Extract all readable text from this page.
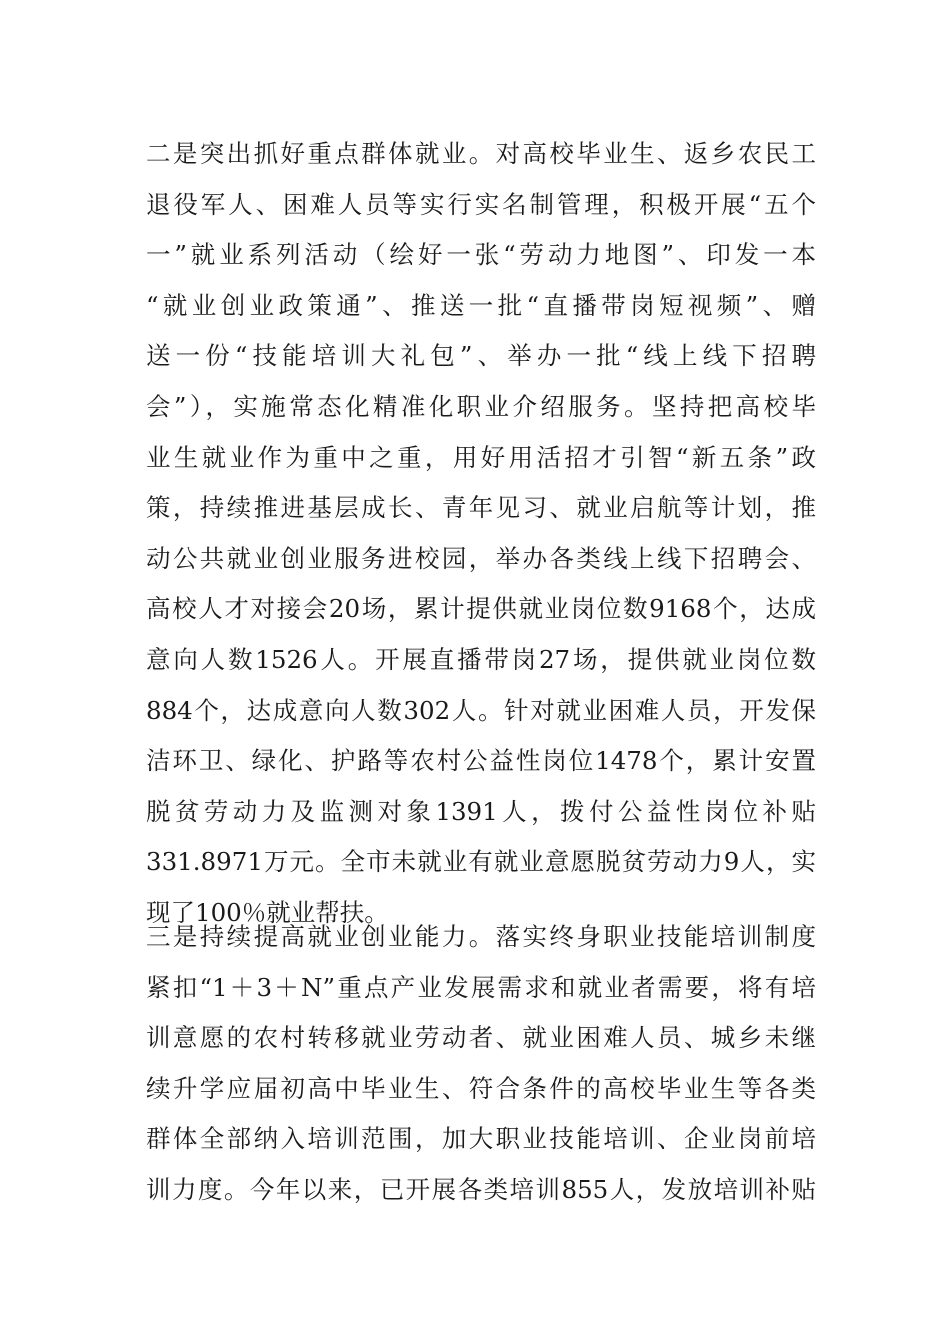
二是突出抓好重点群体就业。对高校毕业生、返乡农民工
退役军人、困难人员等实行实名制管理，积极开展“五个
一”就业系列活动（绘好一张“劳动力地图”、印发一本
“就业创业政策通”、推送一批“直播带岗短视频”、赠
送一份“技能培训大礼包”、举办一批“线上线下招聘
会”），实施常态化精准化职业介绍服务。坚持把高校毕
业生就业作为重中之重，用好用活招才引智“新五条”政
策，持续推进基层成长、青年见习、就业启航等计划，推
动公共就业创业服务进校园，举办各类线上线下招聘会、
高校人才对接会20场，累计提供就业岗位数9168个，达成
意向人数1526人。开展直播带岗27场，提供就业岗位数
884个，达成意向人数302人。针对就业困难人员，开发保
洁环卫、绿化、护路等农村公益性岗位1478个，累计安置
脱贫劳动力及监测对象1391人，拨付公益性岗位补贴
331.8971万元。全市未就业有就业意愿脱贫劳动力9人，实
现了100％就业帮扶。
三是持续提高就业创业能力。落实终身职业技能培训制度
紧扣“1＋3＋N”重点产业发展需求和就业者需要，将有培
训意愿的农村转移就业劳动者、就业困难人员、城乡未继
续升学应届初高中毕业生、符合条件的高校毕业生等各类
群体全部纳入培训范围，加大职业技能培训、企业岗前培
训力度。今年以来，已开展各类培训855人，发放培训补贴
